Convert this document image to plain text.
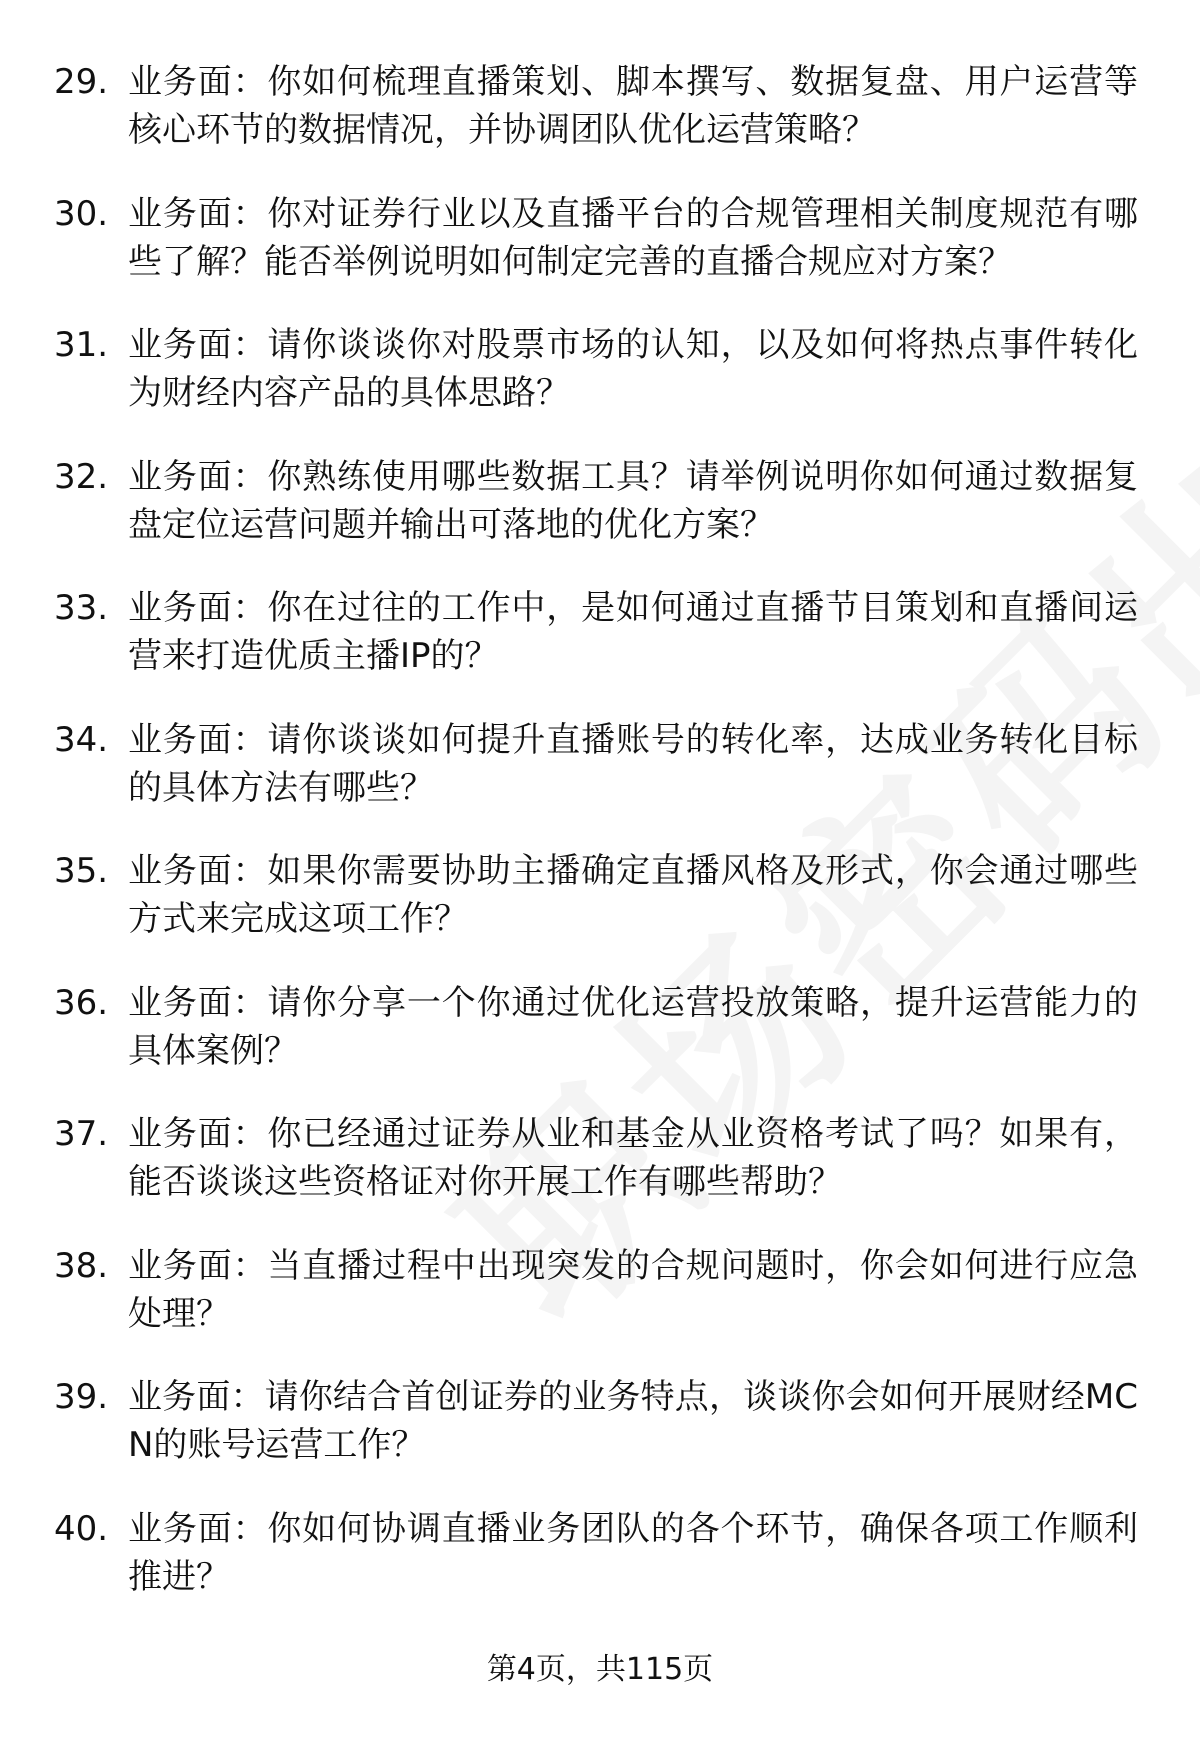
29. 业务面：你如何梳理直播策划、脚本撰写、数据复盘、用户运营等核心环节的数据情况，并协调团队优化运营策略？
30. 业务面：你对证券行业以及直播平台的合规管理相关制度规范有哪些了解？能否举例说明如何制定完善的直播合规应对方案？
31. 业务面：请你谈谈你对股票市场的认知，以及如何将热点事件转化为财经内容产品的具体思路？
32. 业务面：你熟练使用哪些数据工具？请举例说明你如何通过数据复盘定位运营问题并输出可落地的优化方案？
33. 业务面：你在过往的工作中，是如何通过直播节目策划和直播间运营来打造优质主播IP的？
34. 业务面：请你谈谈如何提升直播账号的转化率，达成业务转化目标的具体方法有哪些？
35. 业务面：如果你需要协助主播确定直播风格及形式，你会通过哪些方式来完成这项工作？
36. 业务面：请你分享一个你通过优化运营投放策略，提升运营能力的具体案例？
37. 业务面：你已经通过证券从业和基金从业资格考试了吗？如果有，能否谈谈这些资格证对你开展工作有哪些帮助？
38. 业务面：当直播过程中出现突发的合规问题时，你会如何进行应急处理？
39. 业务面：请你结合首创证券的业务特点，谈谈你会如何开展财经MCN的账号运营工作？
40. 业务面：你如何协调直播业务团队的各个环节，确保各项工作顺利推进？
第4页，共115页
